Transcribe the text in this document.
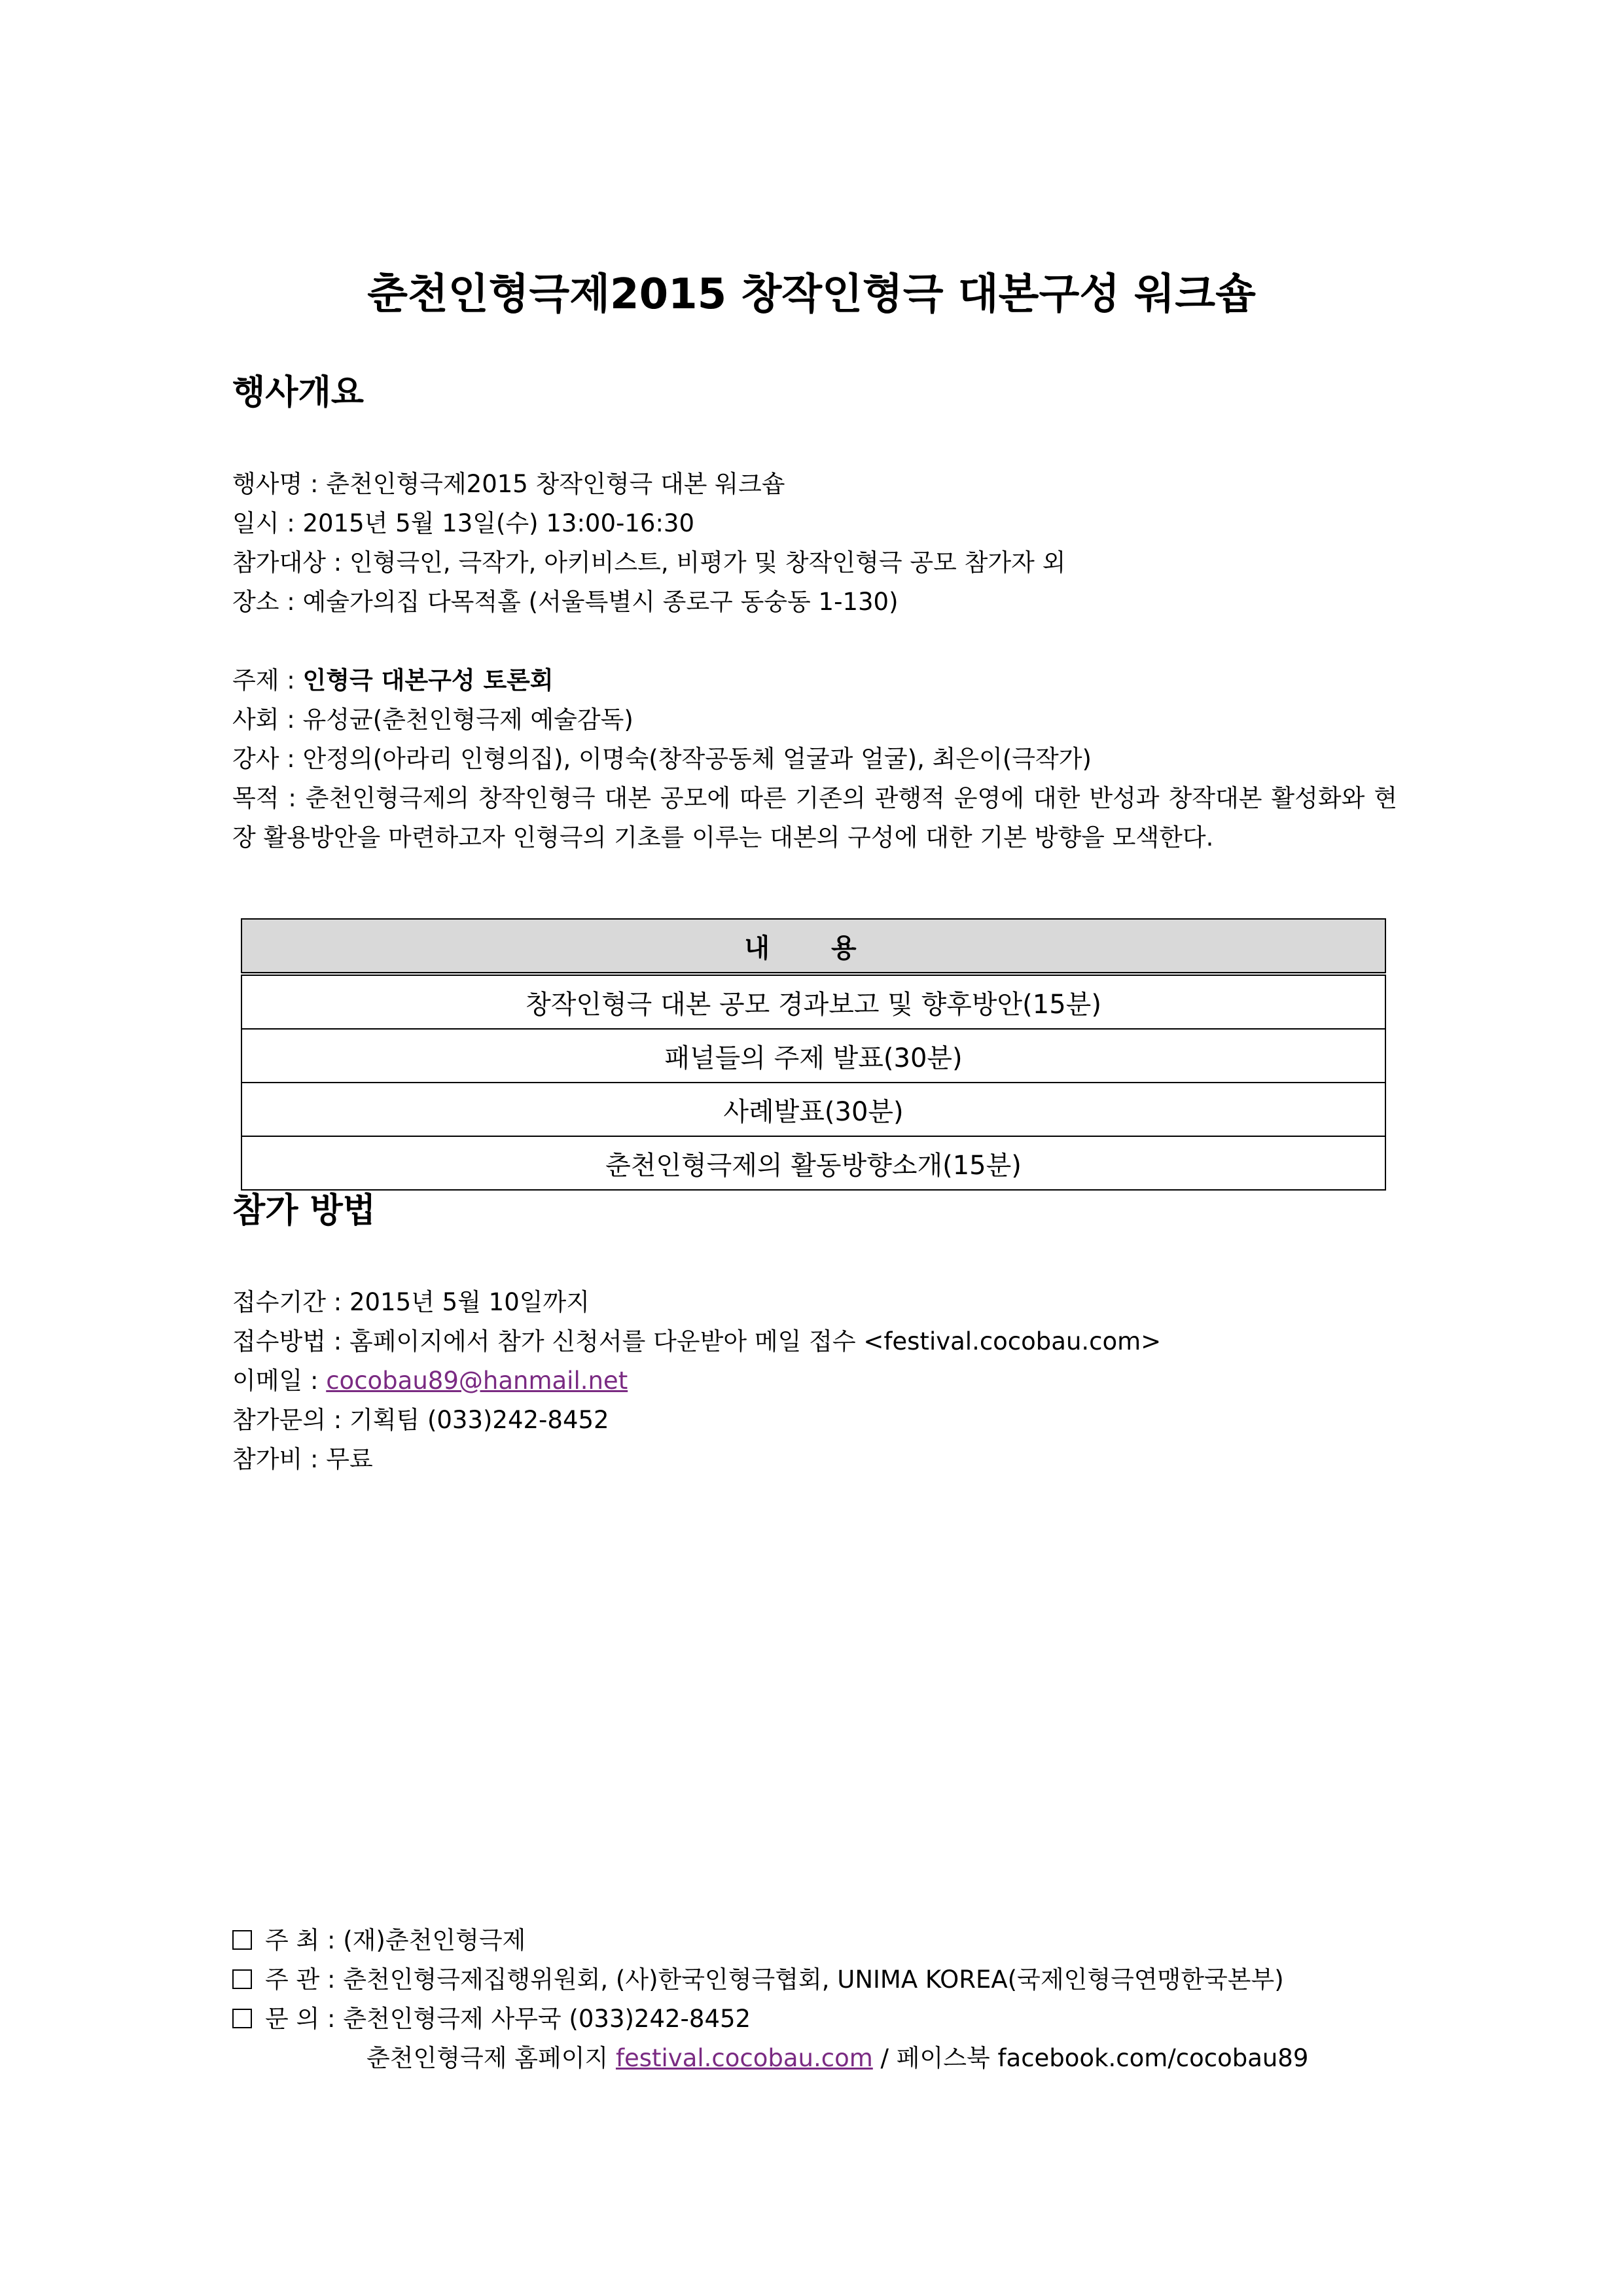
춘천인형극제2015 창작인형극 대본구성 워크숍
행사개요
행사명 : 춘천인형극제2015 창작인형극 대본 워크숍
일시 : 2015년 5월 13일(수) 13:00-16:30
참가대상 : 인형극인, 극작가, 아키비스트, 비평가 및 창작인형극 공모 참가자 외
장소 : 예술가의집 다목적홀 (서울특별시 종로구 동숭동 1-130)
주제 : 인형극 대본구성 토론회
사회 : 유성균(춘천인형극제 예술감독)
강사 : 안정의(아라리 인형의집), 이명숙(창작공동체 얼굴과 얼굴), 최은이(극작가)
목적 : 춘천인형극제의 창작인형극 대본 공모에 따른 기존의 관행적 운영에 대한 반성과 창작대본 활성화와 현장 활용방안을 마련하고자 인형극의 기초를 이루는 대본의 구성에 대한 기본 방향을 모색한다.
내 용
창작인형극 대본 공모 경과보고 및 향후방안(15분)
패널들의 주제 발표(30분)
사례발표(30분)
춘천인형극제의 활동방향소개(15분)
참가 방법
접수기간 : 2015년 5월 10일까지
접수방법 : 홈페이지에서 참가 신청서를 다운받아 메일 접수 <festival.cocobau.com>
이메일 : cocobau89@hanmail.net
참가문의 : 기획팀 (033)242-8452
참가비 : 무료
주 최 : (재)춘천인형극제
주 관 : 춘천인형극제집행위원회, (사)한국인형극협회, UNIMA KOREA(국제인형극연맹한국본부)
문 의 : 춘천인형극제 사무국 (033)242-8452
춘천인형극제 홈페이지 festival.cocobau.com / 페이스북 facebook.com/cocobau89
